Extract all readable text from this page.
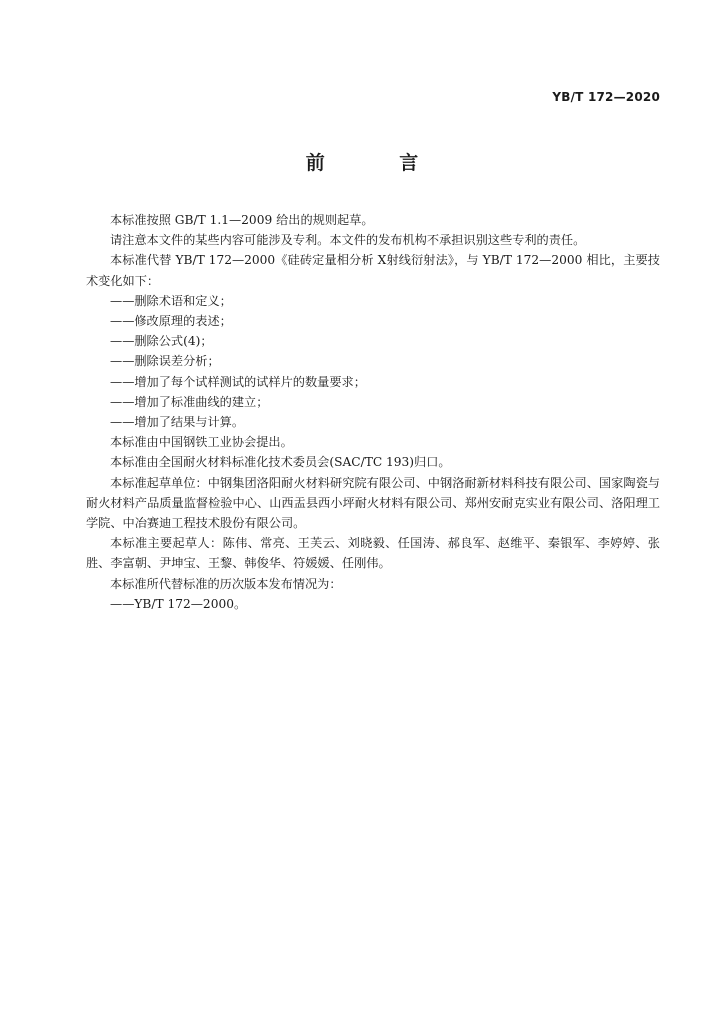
YB/T 172—2020
前 言

本标准按照 GB/T 1.1—2009 给出的规则起草。

请注意本文件的某些内容可能涉及专利。本文件的发布机构不承担识别这些专利的责任。

本标准代替 YB/T 172—2000《硅砖定量相分析 X射线衍射法》，与 YB/T 172—2000 相比，主要技术变化如下：

——删除术语和定义；

——修改原理的表述；

——删除公式(4)；

——删除误差分析；

——增加了每个试样测试的试样片的数量要求；

——增加了标准曲线的建立；

——增加了结果与计算。

本标准由中国钢铁工业协会提出。

本标准由全国耐火材料标准化技术委员会(SAC/TC 193)归口。

本标准起草单位：中钢集团洛阳耐火材料研究院有限公司、中钢洛耐新材料科技有限公司、国家陶瓷与耐火材料产品质量监督检验中心、山西盂县西小坪耐火材料有限公司、郑州安耐克实业有限公司、洛阳理工学院、中冶赛迪工程技术股份有限公司。

本标准主要起草人：陈伟、常亮、王芙云、刘晓毅、任国涛、郝良军、赵维平、秦银军、李婷婷、张胜、李富朝、尹坤宝、王黎、韩俊华、符媛媛、任刚伟。

本标准所代替标准的历次版本发布情况为：

——YB/T 172—2000。
